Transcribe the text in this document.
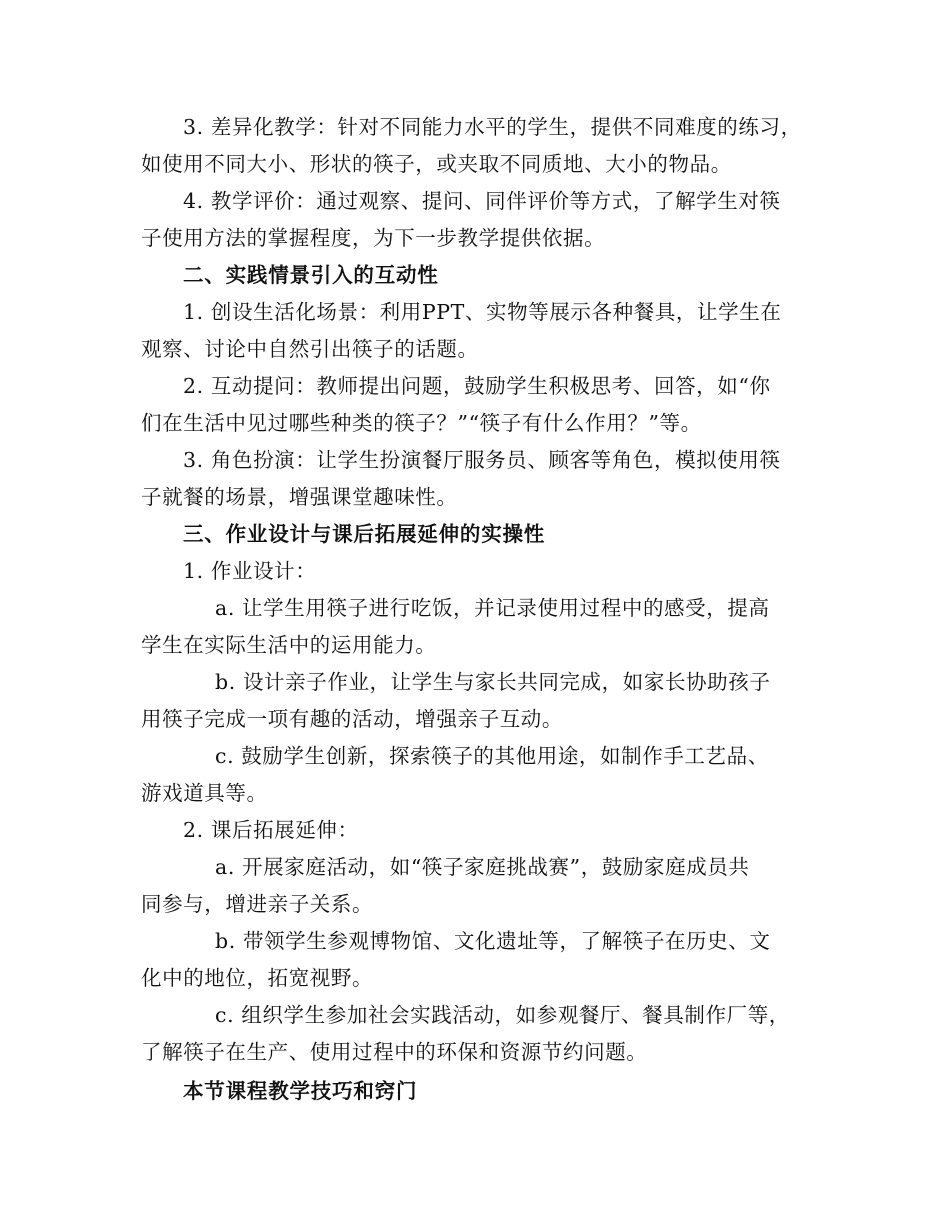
3. 差异化教学：针对不同能力水平的学生，提供不同难度的练习，
如使用不同大小、形状的筷子，或夹取不同质地、大小的物品。
4. 教学评价：通过观察、提问、同伴评价等方式，了解学生对筷
子使用方法的掌握程度，为下一步教学提供依据。
二、实践情景引入的互动性
1. 创设生活化场景：利用PPT、实物等展示各种餐具，让学生在
观察、讨论中自然引出筷子的话题。
2. 互动提问：教师提出问题，鼓励学生积极思考、回答，如“你
们在生活中见过哪些种类的筷子？”“筷子有什么作用？”等。
3. 角色扮演：让学生扮演餐厅服务员、顾客等角色，模拟使用筷
子就餐的场景，增强课堂趣味性。
三、作业设计与课后拓展延伸的实操性
1. 作业设计：
a. 让学生用筷子进行吃饭，并记录使用过程中的感受，提高
学生在实际生活中的运用能力。
b. 设计亲子作业，让学生与家长共同完成，如家长协助孩子
用筷子完成一项有趣的活动，增强亲子互动。
c. 鼓励学生创新，探索筷子的其他用途，如制作手工艺品、
游戏道具等。
2. 课后拓展延伸：
a. 开展家庭活动，如“筷子家庭挑战赛”，鼓励家庭成员共
同参与，增进亲子关系。
b. 带领学生参观博物馆、文化遗址等，了解筷子在历史、文
化中的地位，拓宽视野。
c. 组织学生参加社会实践活动，如参观餐厅、餐具制作厂等，
了解筷子在生产、使用过程中的环保和资源节约问题。
本节课程教学技巧和窍门
